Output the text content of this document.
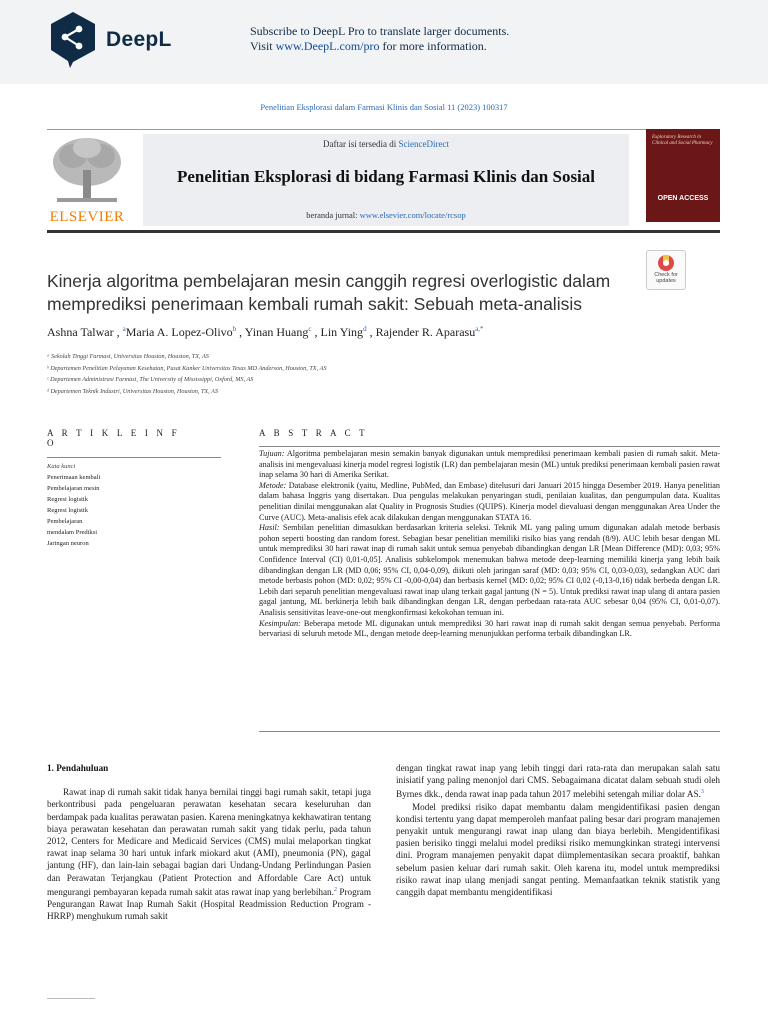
DeepL	Subscribe to DeepL Pro to translate larger documents.
Visit www.DeepL.com/pro for more information.
Penelitian Eksplorasi dalam Farmasi Klinis dan Sosial 11 (2023) 100317
ELSEVIER
Daftar isi tersedia di ScienceDirect
Penelitian Eksplorasi di bidang Farmasi Klinis dan Sosial
beranda jurnal: www.elsevier.com/locate/rcsop
Exploratory Research in Clinical and Social Pharmacy
OPEN ACCESS
Check for updates
Kinerja algoritma pembelajaran mesin canggih regresi overlogistic dalam memprediksi penerimaan kembali rumah sakit: Sebuah meta-analisis
Ashna Talwar , $^a$Maria A. Lopez-Olivo$^b$ , Yinan Huang$^c$ , Lin Ying$^d$ , Rajender R. Aparasu$^{a,*}$
ᵃ Sekolah Tinggi Farmasi, Universitas Houston, Houston, TX, AS
ᵇ Departemen Penelitian Pelayanan Kesehatan, Pusat Kanker Universitas Texas MD Anderson, Houston, TX, AS
ᶜ Departemen Administrasi Farmasi, The University of Mississippi, Oxford, MS, AS
ᵈ Departemen Teknik Industri, Universitas Houston, Houston, TX, AS
A R T I K L E I N F
O
Kata kunci
Penerimaan kembali
Pembelajaran mesin
Regresi logistik
Regresi logistik
Pembelajaran
mendalam Prediksi
Jaringan neuron
A B S T R A C T

Tujuan: Algoritma pembelajaran mesin semakin banyak digunakan untuk memprediksi penerimaan kembali pasien di rumah sakit. Meta-analisis ini mengevaluasi kinerja model regresi logistik (LR) dan pembelajaran mesin (ML) untuk prediksi penerimaan kembali pasien rawat inap selama 30 hari di Amerika Serikat.

Metode: Database elektronik (yaitu, Medline, PubMed, dan Embase) ditelusuri dari Januari 2015 hingga Desember 2019. Hanya penelitian dalam bahasa Inggris yang disertakan. Dua pengulas melakukan penyaringan studi, penilaian kualitas, dan pengumpulan data. Kualitas penelitian dinilai menggunakan alat Quality in Prognosis Studies (QUIPS). Kinerja model dievaluasi dengan menggunakan Area Under the Curve (AUC). Meta-analisis efek acak dilakukan dengan menggunakan STATA 16.

Hasil: Sembilan penelitian dimasukkan berdasarkan kriteria seleksi. Teknik ML yang paling umum digunakan adalah metode berbasis pohon seperti boosting dan random forest. Sebagian besar penelitian memiliki risiko bias yang rendah (8/9). AUC lebih besar dengan ML untuk memprediksi 30 hari rawat inap di rumah sakit untuk semua penyebab dibandingkan dengan LR [Mean Difference (MD): 0,03; 95% Confidence Interval (CI) 0,01-0,05]. Analisis subkelompok menemukan bahwa metode deep-learning memiliki kinerja yang lebih baik dibandingkan dengan LR (MD 0,06; 95% CI, 0,04-0,09), diikuti oleh jaringan saraf (MD: 0,03; 95% CI, 0,03-0,03), sedangkan AUC dari metode berbasis pohon (MD: 0,02; 95% CI -0,00-0,04) dan berbasis kernel (MD: 0,02; 95% CI 0,02 (-0,13-0,16) tidak berbeda dengan LR. Lebih dari separuh penelitian mengevaluasi rawat inap ulang terkait gagal jantung (N = 5). Untuk prediksi rawat inap ulang di antara pasien gagal jantung, ML berkinerja lebih baik dibandingkan dengan LR, dengan perbedaan rata-rata AUC sebesar 0,04 (95% CI, 0,01-0,07). Analisis sensitivitas leave-one-out mengkonfirmasi kekokohan temuan ini.

Kesimpulan: Beberapa metode ML digunakan untuk memprediksi 30 hari rawat inap di rumah sakit dengan semua penyebab. Performa bervariasi di seluruh metode ML, dengan metode deep-learning menunjukkan performa terbaik dibandingkan LR.

1. Pendahuluan

Rawat inap di rumah sakit tidak hanya bernilai tinggi bagi rumah sakit, tetapi juga berkontribusi pada pengeluaran perawatan kesehatan secara keseluruhan dan berdampak pada kualitas perawatan pasien. Karena meningkatnya kekhawatiran tentang biaya perawatan kesehatan dan perawatan rumah sakit yang tidak perlu, pada tahun 2012, Centers for Medicare and Medicaid Services (CMS) mulai melaporkan tingkat rawat inap selama 30 hari untuk infark miokard akut (AMI), pneumonia (PN), gagal jantung (HF), dan lain-lain sebagai bagian dari Undang-Undang Perlindungan Pasien dan Perawatan Terjangkau (Patient Protection and Affordable Care Act) untuk mengurangi pembayaran kepada rumah sakit atas rawat inap yang berlebihan.$^2$ Program Pengurangan Rawat Inap Rumah Sakit (Hospital Readmission Reduction Program - HRRP) menghukum rumah sakit

dengan tingkat rawat inap yang lebih tinggi dari rata-rata dan merupakan salah satu inisiatif yang paling menonjol dari CMS. Sebagaimana dicatat dalam sebuah studi oleh Byrnes dkk., denda rawat inap pada tahun 2017 melebihi setengah miliar dolar AS.$^3$

Model prediksi risiko dapat membantu dalam mengidentifikasi pasien dengan kondisi tertentu yang dapat memperoleh manfaat paling besar dari program manajemen penyakit untuk mengurangi rawat inap ulang dan biaya berlebih. Mengidentifikasi pasien berisiko tinggi melalui model prediksi risiko memungkinkan strategi intervensi dini. Program manajemen penyakit dapat diimplementasikan secara proaktif, bahkan sebelum pasien keluar dari rumah sakit. Oleh karena itu, model untuk memprediksi risiko rawat inap ulang menjadi sangat penting. Memanfaatkan teknik statistik yang canggih dapat membantu mengidentifikasi
